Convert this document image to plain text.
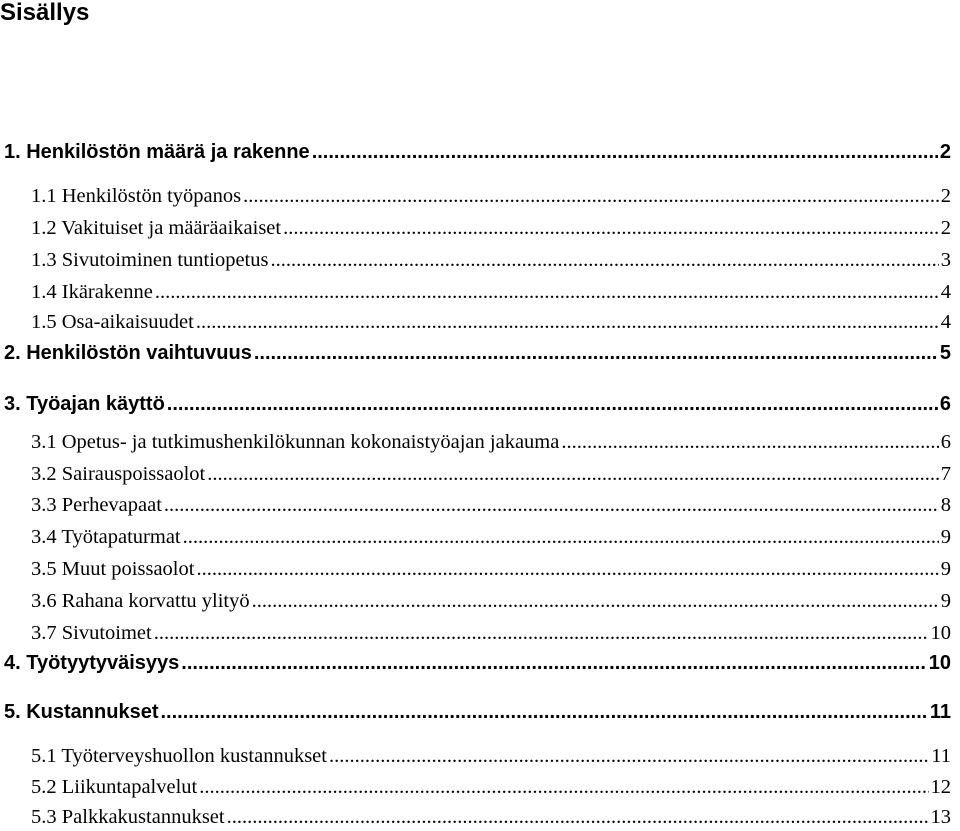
Sisällys
1. Henkilöstön määrä ja rakenne .....	2
1.1 Henkilöstön työpanos .....	2
1.2 Vakituiset ja määräaikaiset .....	2
1.3 Sivutoiminen tuntiopetus .....	3
1.4 Ikärakenne .....	4
1.5 Osa-aikaisuudet .....	4
2. Henkilöstön vaihtuvuus .....	5
3. Työajan käyttö .....	6
3.1 Opetus- ja tutkimushenkilökunnan kokonaistyöajan jakauma .....	6
3.2 Sairauspoissaolot .....	7
3.3 Perhevapaat .....	8
3.4 Työtapaturmat .....	9
3.5 Muut poissaolot .....	9
3.6 Rahana korvattu ylityö .....	9
3.7 Sivutoimet .....	10
4. Työtyytyväisyys .....	10
5. Kustannukset .....	11
5.1 Työterveyshuollon kustannukset .....	11
5.2 Liikuntapalvelut .....	12
5.3 Palkkakustannukset .....	13
